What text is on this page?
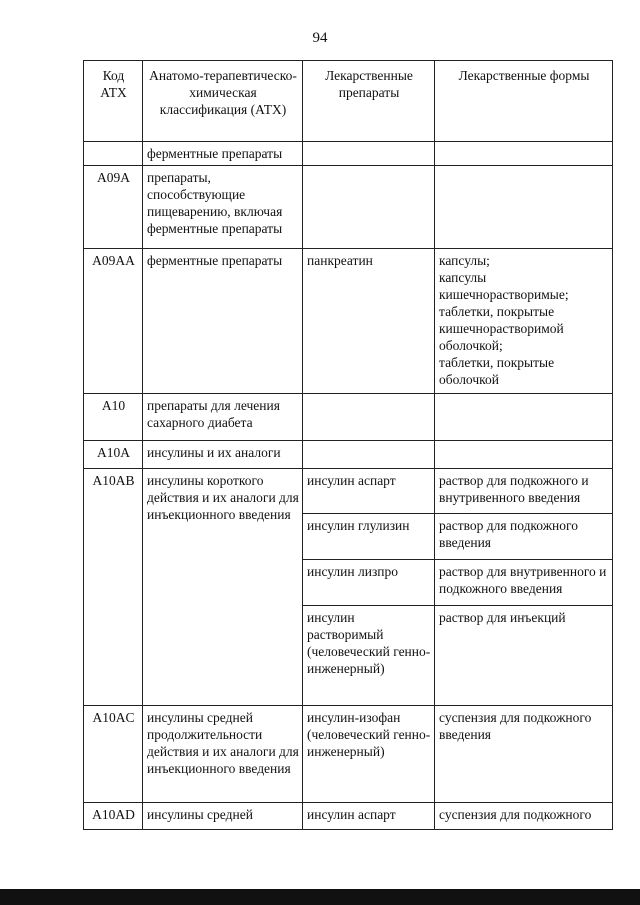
94
Код АТХ	Анатомо-терапевтическо-химическая классификация (АТХ)	Лекарственные препараты	Лекарственные формы
	ферментные препараты		
A09A	препараты, способствующие пищеварению, включая ферментные препараты		
A09AA	ферментные препараты	панкреатин	капсулы;
капсулы кишечнорастворимые;
таблетки, покрытые кишечнорастворимой оболочкой;
таблетки, покрытые оболочкой
A10	препараты для лечения сахарного диабета		
A10A	инсулины и их аналоги		
A10AB	инсулины короткого действия и их аналоги для инъекционного введения	инсулин аспарт	раствор для подкожного и внутривенного введения
		инсулин глулизин	раствор для подкожного введения
		инсулин лизпро	раствор для внутривенного и подкожного введения
		инсулин растворимый (человеческий генно-инженерный)	раствор для инъекций
A10AC	инсулины средней продолжительности действия и их аналоги для инъекционного введения	инсулин-изофан (человеческий генно-инженерный)	суспензия для подкожного введения
A10AD	инсулины средней	инсулин аспарт	суспензия для подкожного
